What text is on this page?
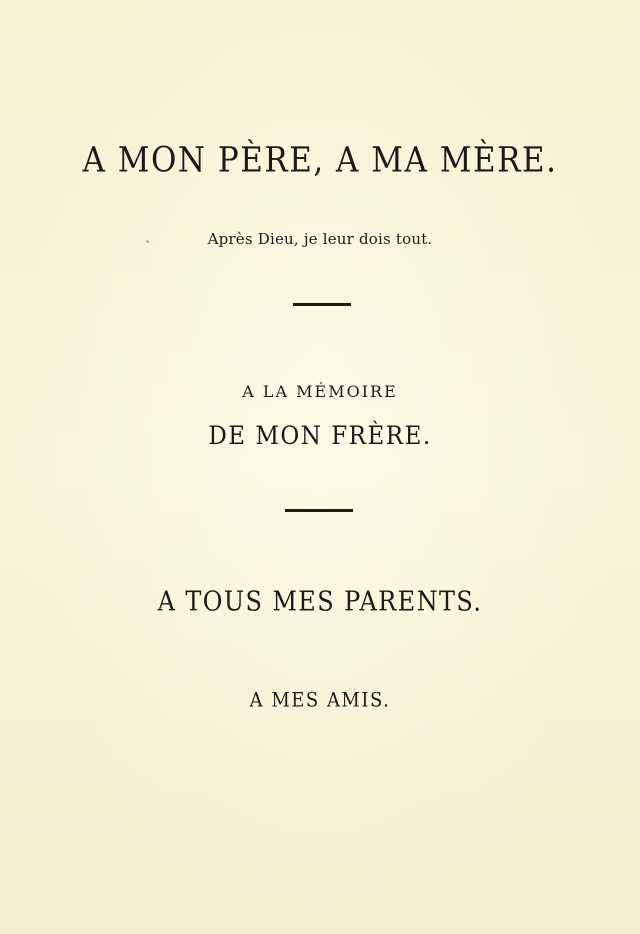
A MON PÈRE, A MA MÈRE.
Après Dieu, je leur dois tout.
A LA MÉMOIRE
DE MON FRÈRE.
A TOUS MES PARENTS.
A MES AMIS.
